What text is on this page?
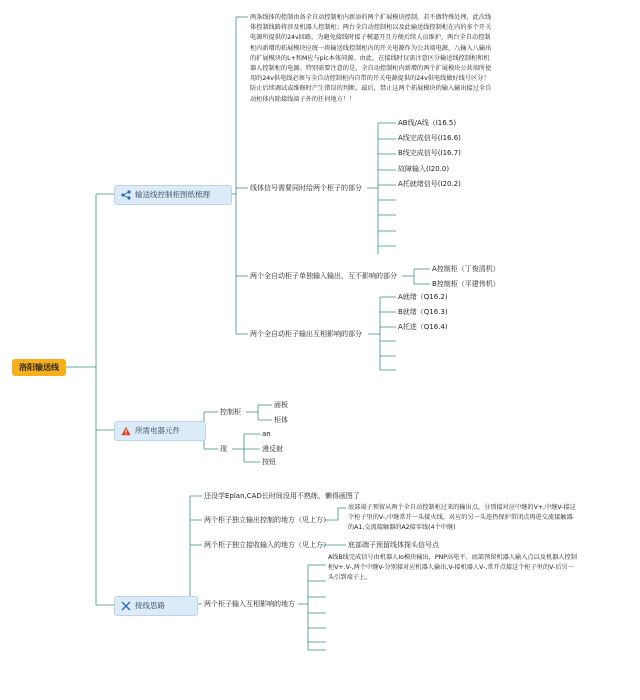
洛阳输送线
输送线控制柜图纸梳理
两条线体的控制由备全自动控制柜内新添的两个扩展模块控制，若不做特殊处理，此次线体控制线路将涉及机器人控制柜；两台全自动控制柜以及此输送线控制柜在内的多个开关电源所提供的24v回路。为避免接线时接子模逼开且方便后续人员维护，两台全自动控制柜内新增的拓展模块应统一将输送线控制柜内的开关电源作为公共端电源，八输入八输出的扩展模块的L+和M应与plc本体同源。由此，在接线时仅需注意区分输送线控制柜和机器人控制柜的电源。特别需要注意的是，全自动控制柜内新增的两个扩展模块公共端所使用的24v供电线必须与全自动控制柜内自带的开关电源提供的24v供电线做好线号区分！防止后续调试或维修时产生错误的判断。最后，禁止这两个拓展模块的输入输出接过全自动柜体内除接线端子外的任何地方！！
线体信号需要同时给两个柜子的部分
AB线/A线（I16.5)
A线完成信号(I16.6)
B线完成信号(I16.7)
故障输入(I20.0)
A托就绪信号(I20.2)
两个全自动柜子单独输入输出，互不影响的部分
A控制柜（丁俊清机）
B控制柜（平建伟机）
两个全自动柜子输出互相影响的部分
A就绪（Q16.2)
B就绪（Q16.3)
A托进（Q16.4)
所需电器元件
控制柜
面板
柜体
现
an
漫反射
按钮
接线思路
还没学Eplan,CAD长时间没用不熟练，懒得画图了
两个柜子独立输出控制的地方（见上方）
两个柜子独立接收输入的地方（见上方）
两个柜子输入互相影响的地方
底部端子预留从两个全自动控制柜过来的输出点，分别接对应中继的V+,中继V-接这个柜子里的V-,中继常开一头接火线，对应的另一头连热保护常闭点再进交流接触器的A1,交流接触器的A2接零线(4个中继)
底部端子预留线体探头信号点
A线B线完成信号由机器人Io模块输出，PNP高电平。底部预留机器人输入点以及机器人控制柜V+.V-,两个中继V-分别接对应机器人输出,V-接机器人V-,常开点接这个柜子里的V-后另一头引到端子上。
